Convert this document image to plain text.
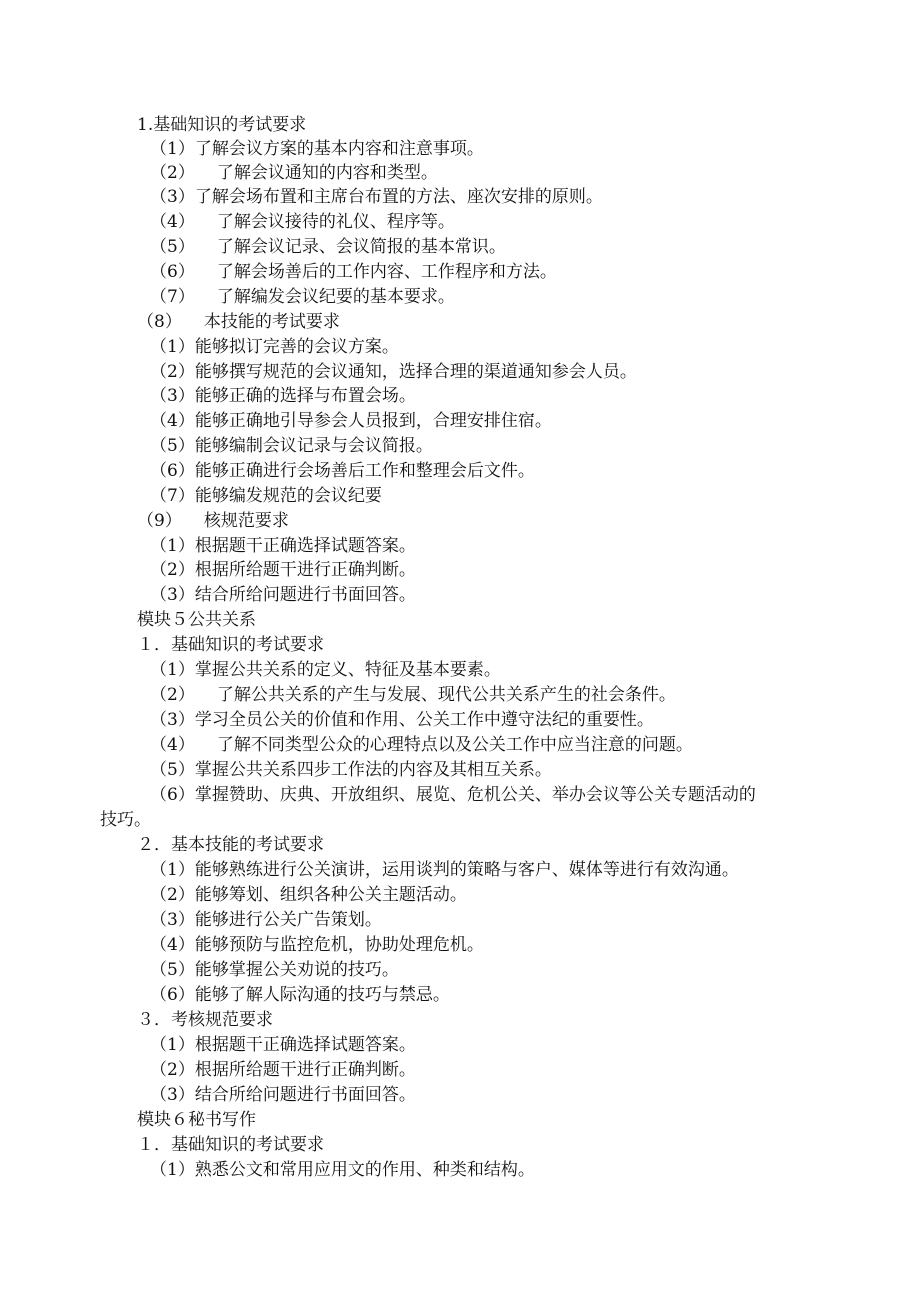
1.基础知识的考试要求
（1）了解会议方案的基本内容和注意事项。
（2） 了解会议通知的内容和类型。
（3）了解会场布置和主席台布置的方法、座次安排的原则。
（4） 了解会议接待的礼仪、程序等。
（5） 了解会议记录、会议简报的基本常识。
（6） 了解会场善后的工作内容、工作程序和方法。
（7） 了解编发会议纪要的基本要求。
（8） 本技能的考试要求
（1）能够拟订完善的会议方案。
（2）能够撰写规范的会议通知，选择合理的渠道通知参会人员。
（3）能够正确的选择与布置会场。
（4）能够正确地引导参会人员报到，合理安排住宿。
（5）能够编制会议记录与会议简报。
（6）能够正确进行会场善后工作和整理会后文件。
（7）能够编发规范的会议纪要
（9） 核规范要求
（1）根据题干正确选择试题答案。
（2）根据所给题干进行正确判断。
（3）结合所给问题进行书面回答。
模块５公共关系
１．基础知识的考试要求
（1）掌握公共关系的定义、特征及基本要素。
（2） 了解公共关系的产生与发展、现代公共关系产生的社会条件。
（3）学习全员公关的价值和作用、公关工作中遵守法纪的重要性。
（4） 了解不同类型公众的心理特点以及公关工作中应当注意的问题。
（5）掌握公共关系四步工作法的内容及其相互关系。
（6）掌握赞助、庆典、开放组织、展览、危机公关、举办会议等公关专题活动的
技巧。
２．基本技能的考试要求
（1）能够熟练进行公关演讲，运用谈判的策略与客户、媒体等进行有效沟通。
（2）能够筹划、组织各种公关主题活动。
（3）能够进行公关广告策划。
（4）能够预防与监控危机，协助处理危机。
（5）能够掌握公关劝说的技巧。
（6）能够了解人际沟通的技巧与禁忌。
３．考核规范要求
（1）根据题干正确选择试题答案。
（2）根据所给题干进行正确判断。
（3）结合所给问题进行书面回答。
模块６秘书写作
１．基础知识的考试要求
（1）熟悉公文和常用应用文的作用、种类和结构。
